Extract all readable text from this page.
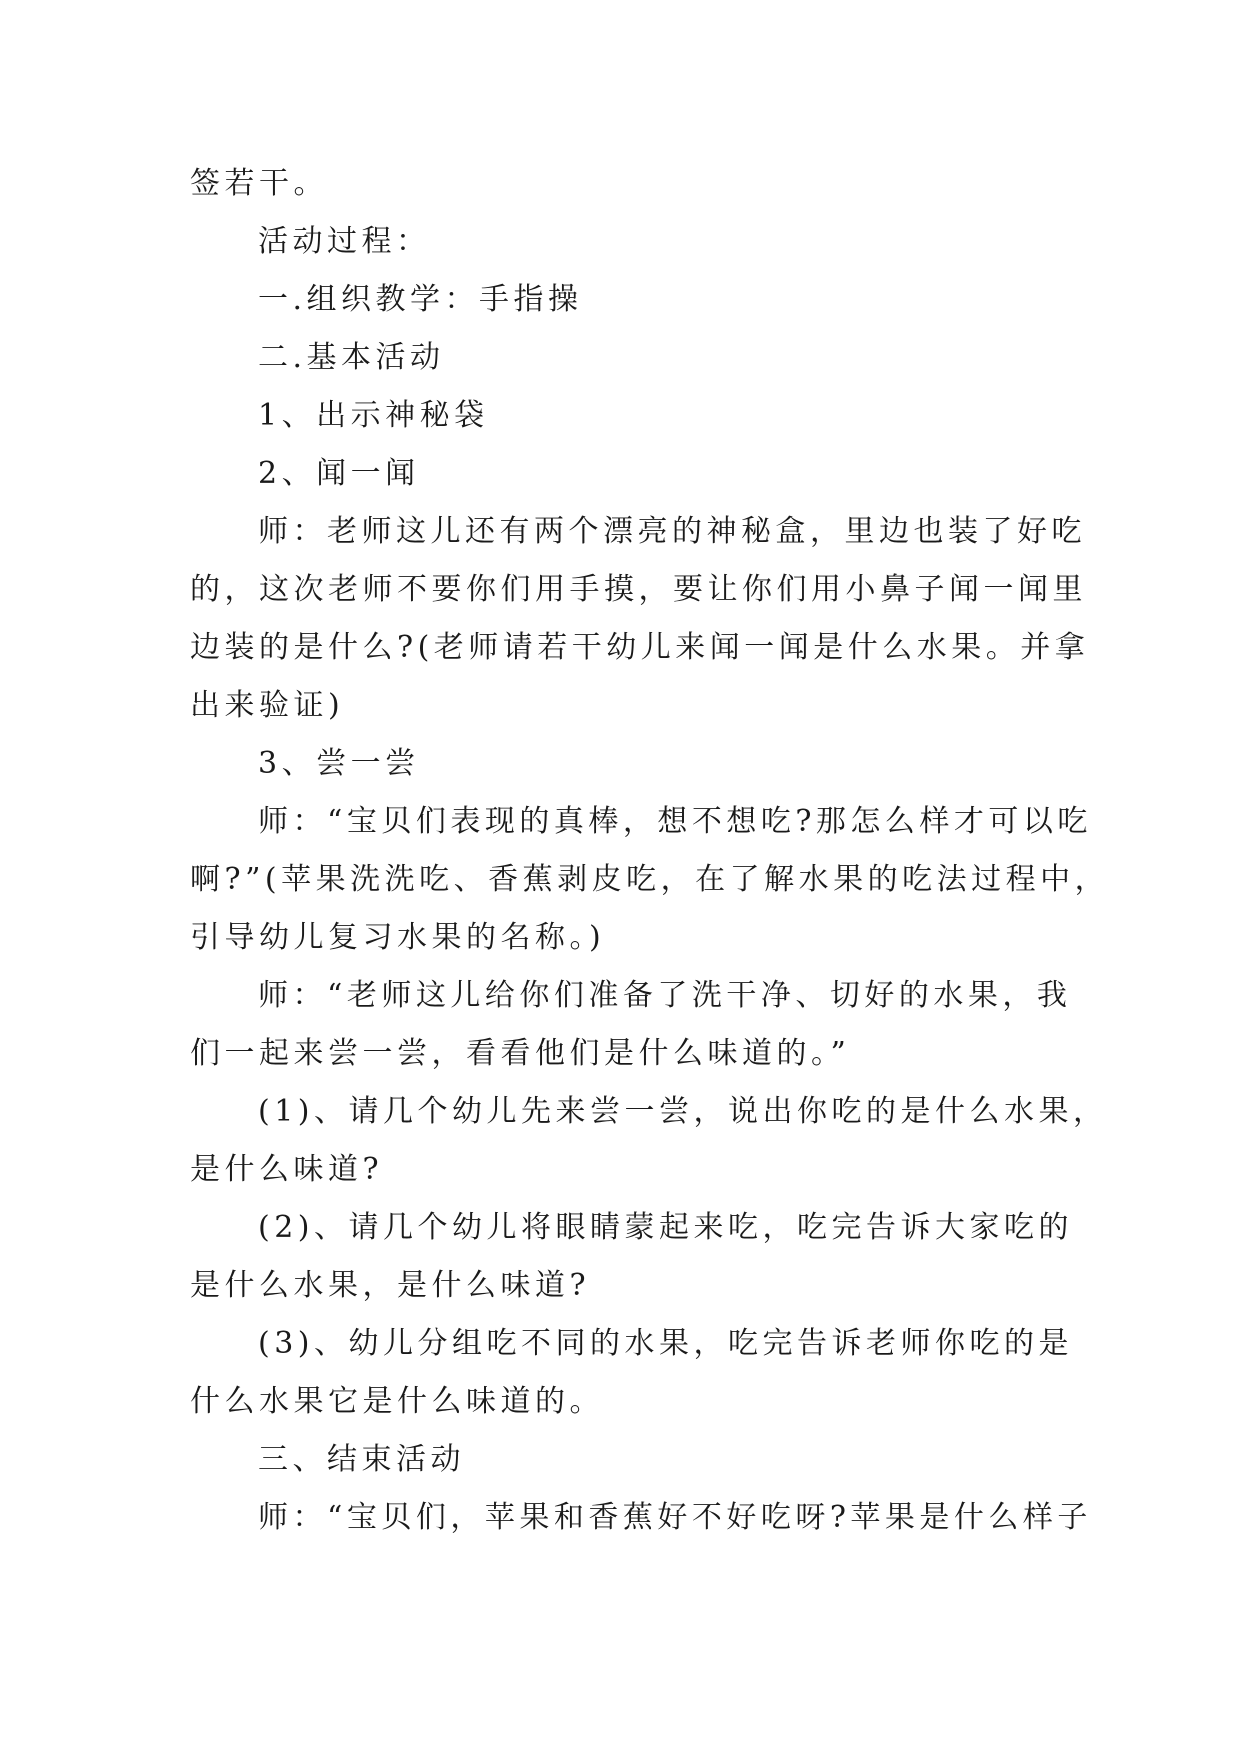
签若干。
活动过程：
一.组织教学：手指操
二.基本活动
1、出示神秘袋
2、闻一闻
师：老师这儿还有两个漂亮的神秘盒，里边也装了好吃
的，这次老师不要你们用手摸，要让你们用小鼻子闻一闻里
边装的是什么?(老师请若干幼儿来闻一闻是什么水果。并拿
出来验证)
3、尝一尝
师：“宝贝们表现的真棒，想不想吃?那怎么样才可以吃
啊?”(苹果洗洗吃、香蕉剥皮吃，在了解水果的吃法过程中，
引导幼儿复习水果的名称。)
师：“老师这儿给你们准备了洗干净、切好的水果，我
们一起来尝一尝，看看他们是什么味道的。”
(1)、请几个幼儿先来尝一尝，说出你吃的是什么水果，
是什么味道?
(2)、请几个幼儿将眼睛蒙起来吃，吃完告诉大家吃的
是什么水果，是什么味道?
(3)、幼儿分组吃不同的水果，吃完告诉老师你吃的是
什么水果它是什么味道的。
三、结束活动
师：“宝贝们，苹果和香蕉好不好吃呀?苹果是什么样子
